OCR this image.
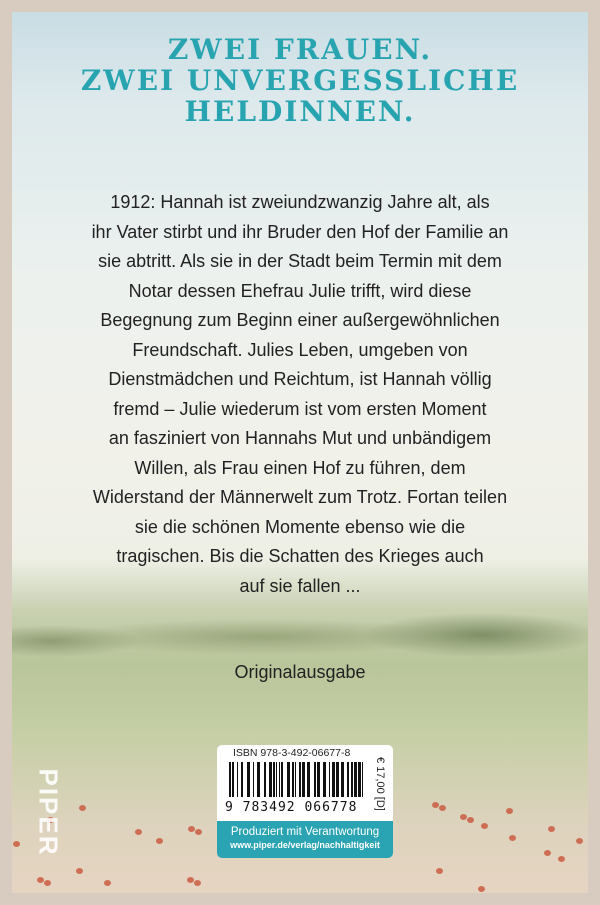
ZWEI FRAUEN.
ZWEI UNVERGESSLICHE
HELDINNEN.
1912: Hannah ist zweiundzwanzig Jahre alt, als
ihr Vater stirbt und ihr Bruder den Hof der Familie an
sie abtritt. Als sie in der Stadt beim Termin mit dem
Notar dessen Ehefrau Julie trifft, wird diese
Begegnung zum Beginn einer außergewöhnlichen
Freundschaft. Julies Leben, umgeben von
Dienstmädchen und Reichtum, ist Hannah völlig
fremd – Julie wiederum ist vom ersten Moment
an fasziniert von Hannahs Mut und unbändigem
Willen, als Frau einen Hof zu führen, dem
Widerstand der Männerwelt zum Trotz. Fortan teilen
sie die schönen Momente ebenso wie die
tragischen. Bis die Schatten des Krieges auch
auf sie fallen ...
Originalausgabe
PIPER
ISBN 978-3-492-06677-8
9 783492 066778 € 17,00 [D]
Produziert mit Verantwortung
www.piper.de/verlag/nachhaltigkeit
